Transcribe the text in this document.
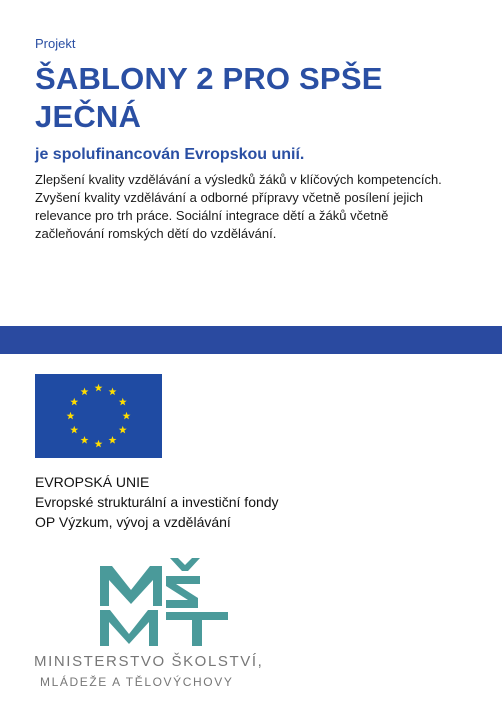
Projekt

ŠABLONY 2 PRO SPŠE JEČNÁ

je spolufinancován Evropskou unií.

Zlepšení kvality vzdělávání a výsledků žáků v klíčových kompetencích. Zvyšení kvality vzdělávání a odborné přípravy včetně posílení jejich relevance pro trh práce. Sociální integrace dětí a žáků včetně začleňování romských dětí do vzdělávání.

EVROPSKÁ UNIE

Evropské strukturální a investiční fondy

OP Výzkum, vývoj a vzdělávání

MINISTERSTVO ŠKOLSTVÍ,

MLÁDEŽE A TĚLOVÝCHOVY
